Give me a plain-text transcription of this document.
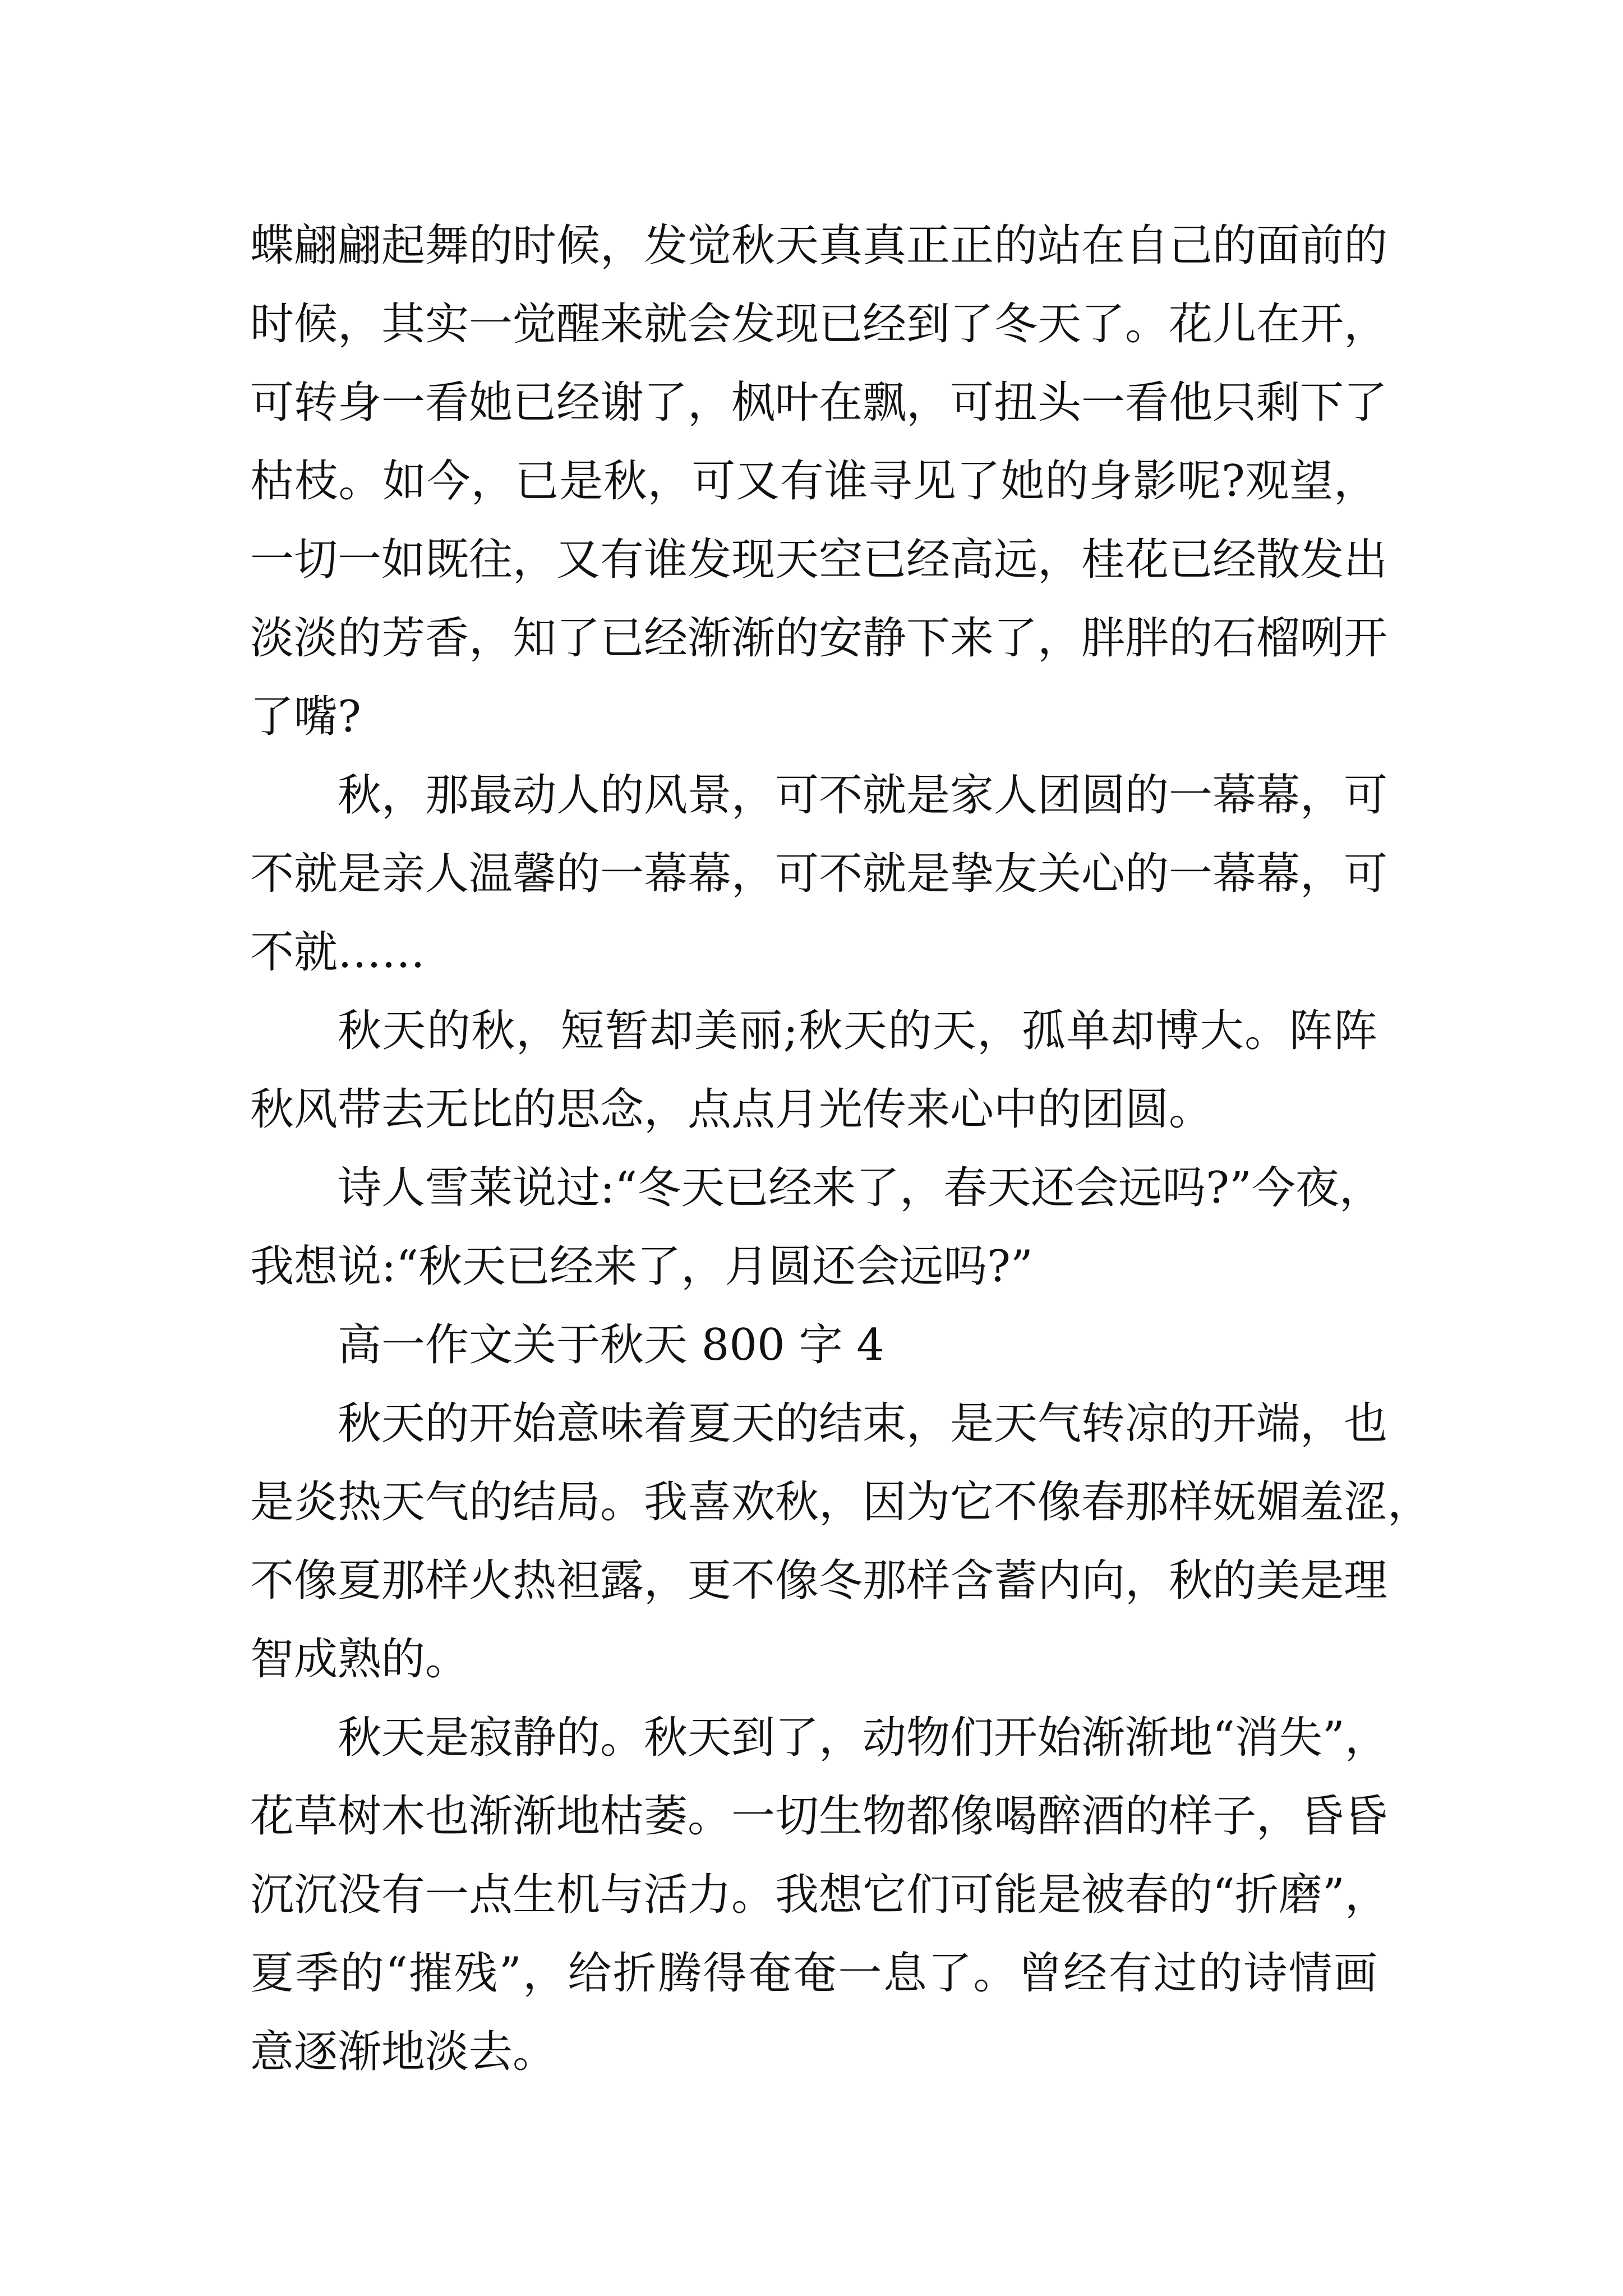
蝶翩翩起舞的时候，发觉秋天真真正正的站在自己的面前的
时候，其实一觉醒来就会发现已经到了冬天了。花儿在开，
可转身一看她已经谢了，枫叶在飘，可扭头一看他只剩下了
枯枝。如今，已是秋，可又有谁寻见了她的身影呢?观望，
一切一如既往，又有谁发现天空已经高远，桂花已经散发出
淡淡的芳香，知了已经渐渐的安静下来了，胖胖的石榴咧开
了嘴?
秋，那最动人的风景，可不就是家人团圆的一幕幕，可
不就是亲人温馨的一幕幕，可不就是挚友关心的一幕幕，可
不就……
秋天的秋，短暂却美丽;秋天的天，孤单却博大。阵阵
秋风带去无比的思念，点点月光传来心中的团圆。
诗人雪莱说过:“冬天已经来了，春天还会远吗?”今夜，
我想说:“秋天已经来了，月圆还会远吗?”
高一作文关于秋天 800 字 4
秋天的开始意味着夏天的结束，是天气转凉的开端，也
是炎热天气的结局。我喜欢秋，因为它不像春那样妩媚羞涩，
不像夏那样火热袒露，更不像冬那样含蓄内向，秋的美是理
智成熟的。
秋天是寂静的。秋天到了，动物们开始渐渐地“消失”，
花草树木也渐渐地枯萎。一切生物都像喝醉酒的样子，昏昏
沉沉没有一点生机与活力。我想它们可能是被春的“折磨”，
夏季的“摧残”，给折腾得奄奄一息了。曾经有过的诗情画
意逐渐地淡去。
